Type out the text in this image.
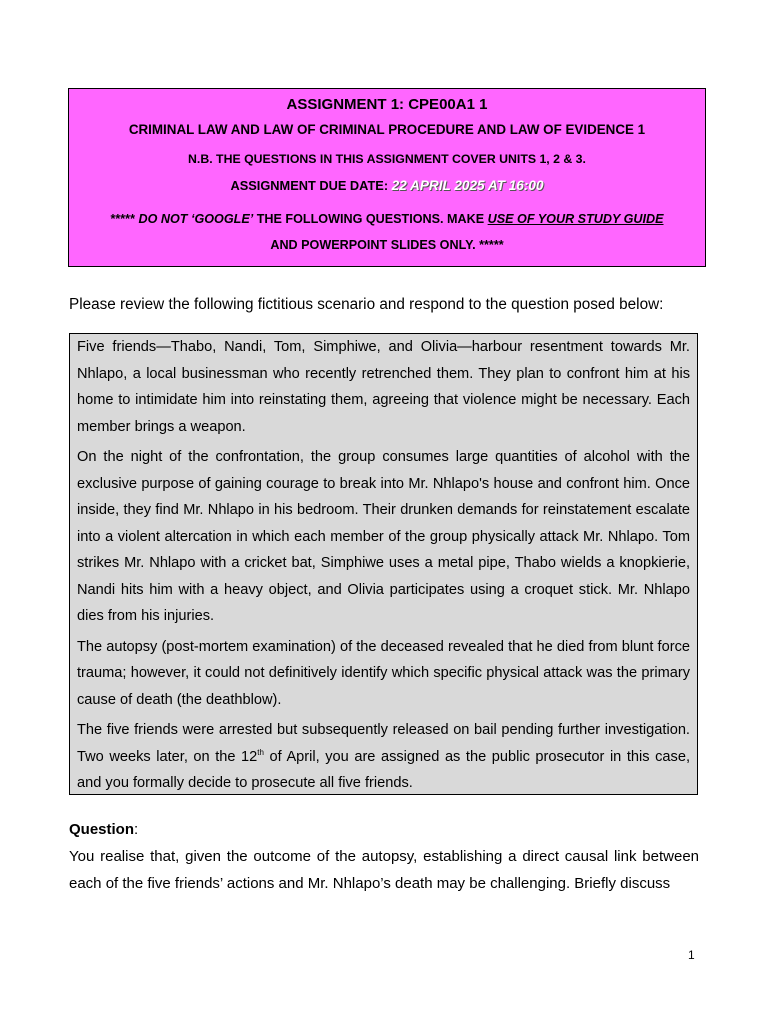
ASSIGNMENT 1: CPE00A1 1
CRIMINAL LAW AND LAW OF CRIMINAL PROCEDURE AND LAW OF EVIDENCE 1
N.B. THE QUESTIONS IN THIS ASSIGNMENT COVER UNITS 1, 2 & 3.
ASSIGNMENT DUE DATE: 22 APRIL 2025 AT 16:00
***** DO NOT ‘GOOGLE’ THE FOLLOWING QUESTIONS. MAKE USE OF YOUR STUDY GUIDE
AND POWERPOINT SLIDES ONLY. *****
Please review the following fictitious scenario and respond to the question posed below:

Five friends—Thabo, Nandi, Tom, Simphiwe, and Olivia—harbour resentment towards Mr. Nhlapo, a local businessman who recently retrenched them. They plan to confront him at his home to intimidate him into reinstating them, agreeing that violence might be necessary. Each member brings a weapon.

On the night of the confrontation, the group consumes large quantities of alcohol with the exclusive purpose of gaining courage to break into Mr. Nhlapo's house and confront him. Once inside, they find Mr. Nhlapo in his bedroom. Their drunken demands for reinstatement escalate into a violent altercation in which each member of the group physically attack Mr. Nhlapo. Tom strikes Mr. Nhlapo with a cricket bat, Simphiwe uses a metal pipe, Thabo wields a knopkierie, Nandi hits him with a heavy object, and Olivia participates using a croquet stick. Mr. Nhlapo dies from his injuries.

The autopsy (post-mortem examination) of the deceased revealed that he died from blunt force trauma; however, it could not definitively identify which specific physical attack was the primary cause of death (the deathblow).

The five friends were arrested but subsequently released on bail pending further investigation. Two weeks later, on the 12th of April, you are assigned as the public prosecutor in this case, and you formally decide to prosecute all five friends.

Question:

You realise that, given the outcome of the autopsy, establishing a direct causal link between each of the five friends’ actions and Mr. Nhlapo’s death may be challenging. Briefly discuss

1
